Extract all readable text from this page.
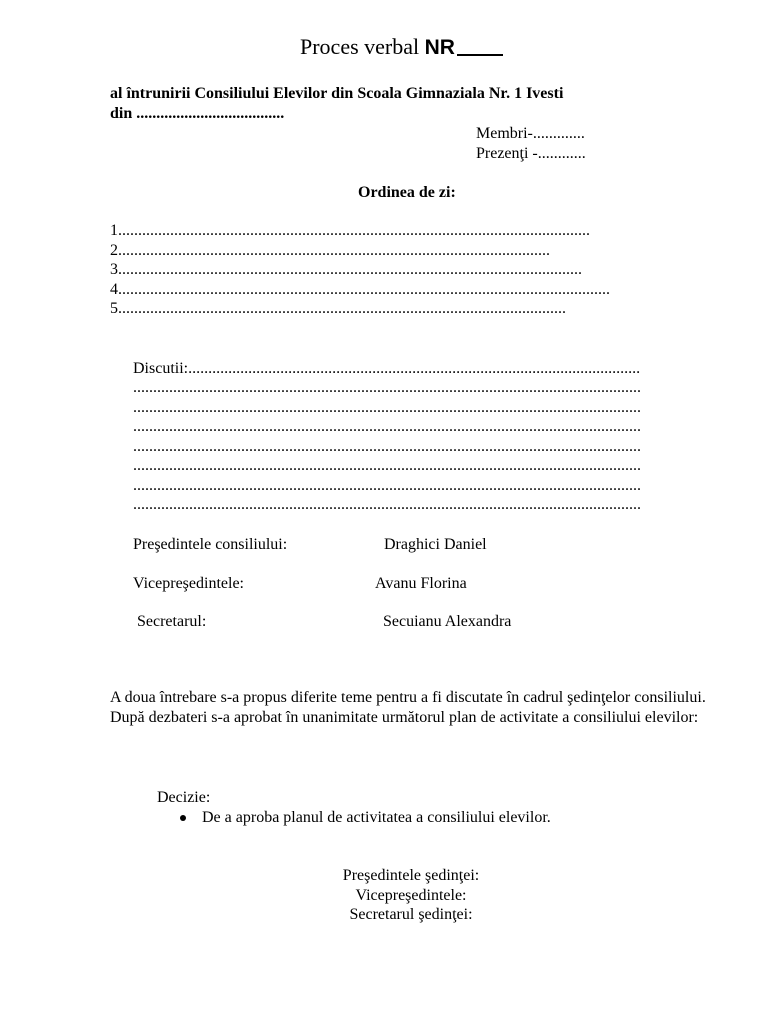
Proces verbal NR
al întrunirii Consiliului Elevilor din Scoala Gimnaziala Nr. 1 Ivesti
din .....................................
Membri-.............
Prezenţi -............
Ordinea de zi:
1......................................................................................................................
2............................................................................................................
3....................................................................................................................
4...........................................................................................................................
5................................................................................................................
Discutii:.................................................................................................................
...............................................................................................................................
...............................................................................................................................
...............................................................................................................................
...............................................................................................................................
...............................................................................................................................
...............................................................................................................................
...............................................................................................................................
Preşedintele consiliului:	Draghici Daniel
Vicepreşedintele:	Avanu Florina
Secretarul:	Secuianu Alexandra
A doua întrebare s-a propus diferite teme pentru a fi discutate în cadrul şedinţelor consiliului. După dezbateri s-a aprobat în unanimitate următorul plan de activitate a consiliului elevilor:
Decizie:
De a aproba planul de activitatea a consiliului elevilor.
Preşedintele şedinţei:
Vicepreşedintele:
Secretarul şedinţei:
